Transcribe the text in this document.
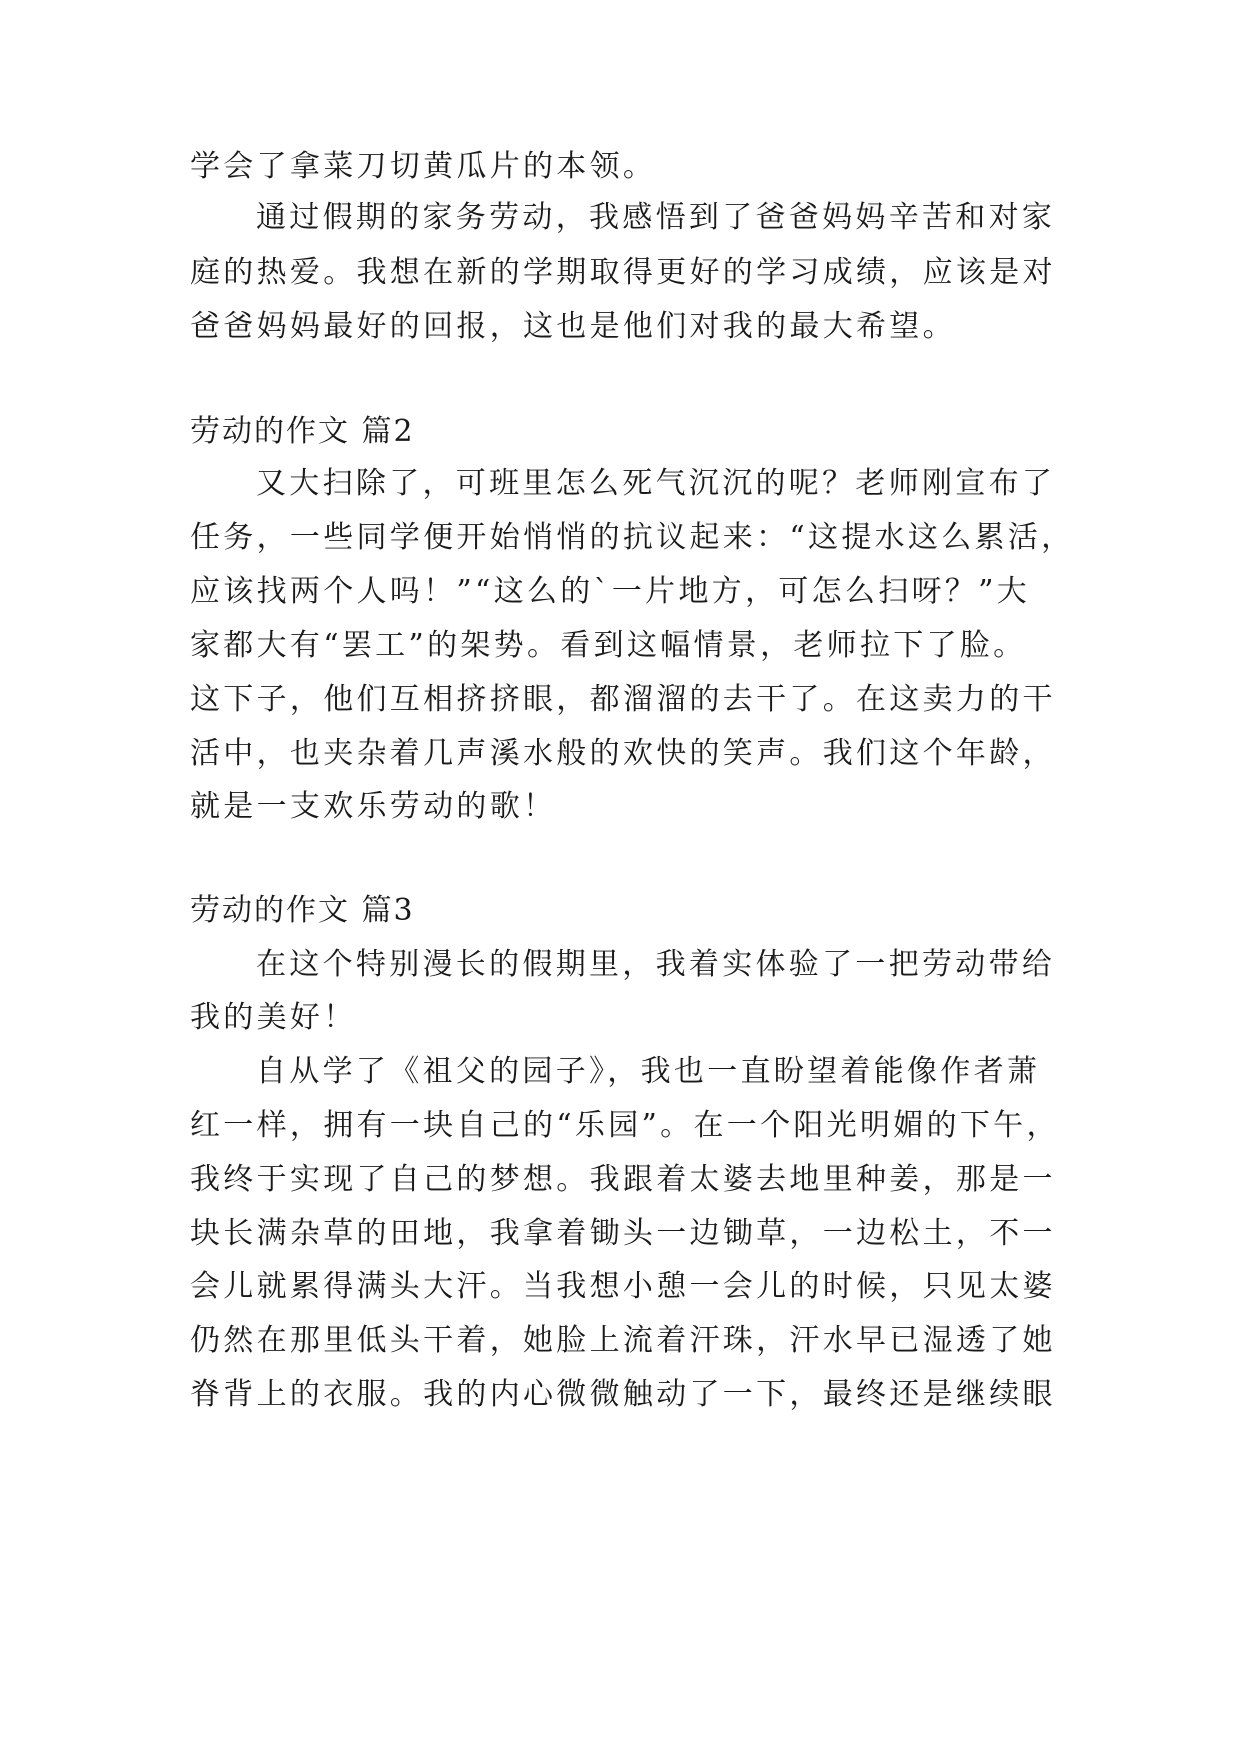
学会了拿菜刀切黄瓜片的本领。
通过假期的家务劳动，我感悟到了爸爸妈妈辛苦和对家
庭的热爱。我想在新的学期取得更好的学习成绩，应该是对
爸爸妈妈最好的回报，这也是他们对我的最大希望。
劳动的作文 篇2
又大扫除了，可班里怎么死气沉沉的呢？老师刚宣布了
任务，一些同学便开始悄悄的抗议起来：“这提水这么累活，
应该找两个人吗！”“这么的`一片地方，可怎么扫呀？”大
家都大有“罢工”的架势。看到这幅情景，老师拉下了脸。
这下子，他们互相挤挤眼，都溜溜的去干了。在这卖力的干
活中，也夹杂着几声溪水般的欢快的笑声。我们这个年龄，
就是一支欢乐劳动的歌！
劳动的作文 篇3
在这个特别漫长的假期里，我着实体验了一把劳动带给
我的美好！
自从学了《祖父的园子》，我也一直盼望着能像作者萧
红一样，拥有一块自己的“乐园”。在一个阳光明媚的下午，
我终于实现了自己的梦想。我跟着太婆去地里种姜，那是一
块长满杂草的田地，我拿着锄头一边锄草，一边松土，不一
会儿就累得满头大汗。当我想小憩一会儿的时候，只见太婆
仍然在那里低头干着，她脸上流着汗珠，汗水早已湿透了她
脊背上的衣服。我的内心微微触动了一下，最终还是继续眼
